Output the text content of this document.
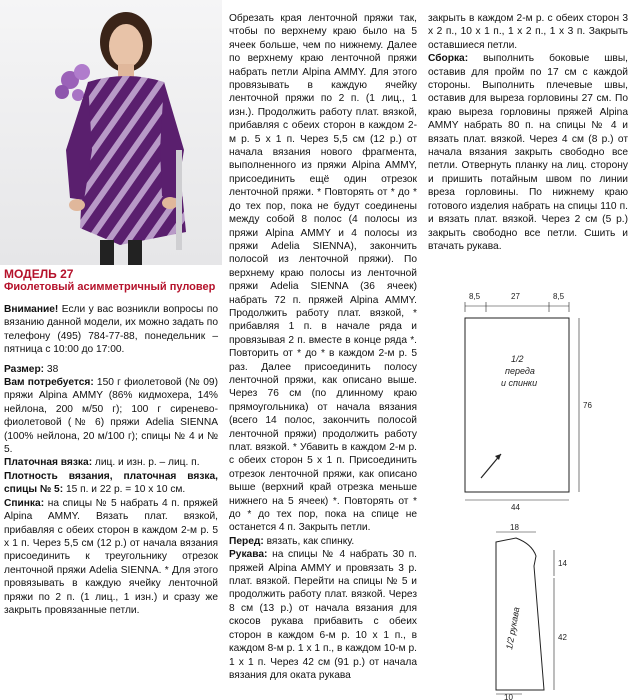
МОДЕЛЬ 27

Фиолетовый асимметричный пуловер

Внимание! Если у вас возникли вопросы по вязанию данной модели, их можно задать по телефону (495) 784-77-88, понедельник – пятница с 10:00 до 17:00.

Размер: 38

Вам потребуется: 150 г фиолетовой (№ 09) пряжи Alpina AMMY (86% кидмохера, 14% нейлона, 200 м/50 г); 100 г сиренево-фиолетовой (№ 6) пряжи Adelia SIENNA (100% нейлона, 20 м/100 г); спицы № 4 и № 5.

Платочная вязка: лиц. и изн. р. – лиц. п.

Плотность вязания, платочная вязка, спицы № 5: 15 п. и 22 р. = 10 х 10 см.

Спинка: на спицы № 5 набрать 4 п. пряжей Alpina AMMY. Вязать плат. вязкой, прибавляя с обеих сторон в каждом 2-м р. 5 х 1 п. Через 5,5 см (12 р.) от начала вязания присоединить к треугольнику отрезок ленточной пряжи Adelia SIENNA. * Для этого провязывать в каждую ячейку ленточной пряжи по 2 п. (1 лиц., 1 изн.) и сразу же закрыть провязанные петли.

Обрезать края ленточной пряжи так, чтобы по верхнему краю было на 5 ячеек больше, чем по нижнему. Далее по верхнему краю ленточной пряжи набрать петли Alpina AMMY. Для этого провязывать в каждую ячейку ленточной пряжи по 2 п. (1 лиц., 1 изн.). Продолжить работу плат. вязкой, прибавляя с обеих сторон в каждом 2-м р. 5 х 1 п. Через 5,5 см (12 р.) от начала вязания нового фрагмента, выполненного из пряжи Alpina AMMY, присоединить ещё один отрезок ленточной пряжи. * Повторять от * до * до тех пор, пока не будут соединены между собой 8 полос (4 полосы из пряжи Alpina AMMY и 4 полосы из пряжи Adelia SIENNA), закончить полосой из ленточной пряжи). По верхнему краю полосы из ленточной пряжи Adelia SIENNA (36 ячеек) набрать 72 п. пряжей Alpina AMMY. Продолжить работу плат. вязкой, * прибавляя 1 п. в начале ряда и провязывая 2 п. вместе в конце ряда *. Повторить от * до * в каждом 2-м р. 5 раз. Далее присоединить полосу ленточной пряжи, как описано выше. Через 76 см (по длинному краю прямоугольника) от начала вязания (всего 14 полос, закончить полосой ленточной пряжи) продолжить работу плат. вязкой. * Убавить в каждом 2-м р. с обеих сторон 5 х 1 п. Присоединить отрезок ленточной пряжи, как описано выше (верхний край отрезка меньше нижнего на 5 ячеек) *. Повторять от * до * до тех пор, пока на спице не останется 4 п. Закрыть петли.

Перед: вязать, как спинку.

Рукава: на спицы № 4 набрать 30 п. пряжей Alpina AMMY и провязать 3 р. плат. вязкой. Перейти на спицы № 5 и продолжить работу плат. вязкой. Через 8 см (13 р.) от начала вязания для скосов рукава прибавить с обеих сторон в каждом 6-м р. 10 х 1 п., в каждом 8-м р. 1 х 1 п., в каждом 10-м р. 1 х 1 п. Через 42 см (91 р.) от начала вязания для оката рукава

закрыть в каждом 2-м р. с обеих сторон 3 х 2 п., 10 х 1 п., 1 х 2 п., 1 х 3 п. Закрыть оставшиеся петли.

Сборка: выполнить боковые швы, оставив для пройм по 17 см с каждой стороны. Выполнить плечевые швы, оставив для выреза горловины 27 см. По краю выреза горловины пряжей Alpina AMMY набрать 80 п. на спицы № 4 и вязать плат. вязкой. Через 4 см (8 р.) от начала вязания закрыть свободно все петли. Отвернуть планку на лиц. сторону и пришить потайным швом по линии вреза горловины. По нижнему краю готового изделия набрать на спицы 110 п. и вязать плат. вязкой. Через 2 см (5 р.) закрыть свободно все петли. Сшить и втачать рукава.

8,5	27	8,5
76
44
1/2
переда
и спинки
18
14
42
1/2 рукава
10
